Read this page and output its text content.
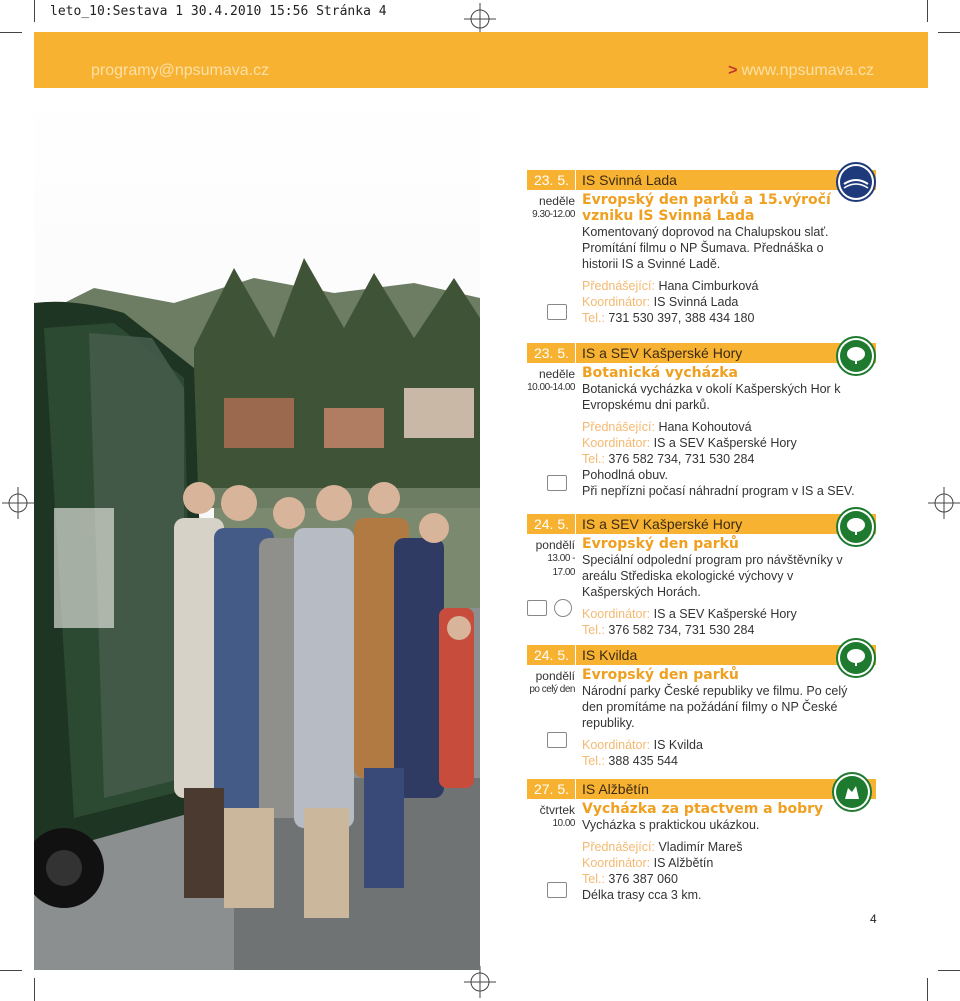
leto_10:Sestava 1 30.4.2010 15:56 Stránka 4
programy@npsumava.cz	> www.npsumava.cz
23. 5. IS Svinná Lada
neděle
9.30-12.00
Evropský den parků a 15.výročí vzniku IS Svinná Lada

Komentovaný doprovod na Chalupskou slať. Promítání filmu o NP Šumava. Přednáška o historii IS a Svinné Ladě.

Přednášející: Hana Cimburková

Koordinátor: IS Svinná Lada

Tel.: 731 530 397, 388 434 180

23. 5. IS a SEV Kašperské Hory
neděle
10.00-14.00
Botanická vycházka

Botanická vycházka v okolí Kašperských Hor k Evropskému dni parků.

Přednášející: Hana Kohoutová

Koordinátor: IS a SEV Kašperské Hory

Tel.: 376 582 734, 731 530 284

Pohodlná obuv.

Při nepřízni počasí náhradní program v IS a SEV.

24. 5. IS a SEV Kašperské Hory
pondělí
13.00 - 17.00
Evropský den parků

Speciální odpolední program pro návštěvníky v areálu Střediska ekologické výchovy v Kašperských Horách.

Koordinátor: IS a SEV Kašperské Hory

Tel.: 376 582 734, 731 530 284

24. 5. IS Kvilda
pondělí
po celý den
Evropský den parků

Národní parky České republiky ve filmu. Po celý den promítáme na požádání filmy o NP České republiky.

Koordinátor: IS Kvilda

Tel.: 388 435 544

27. 5. IS Alžbětín
čtvrtek
10.00
Vycházka za ptactvem a bobry

Vycházka s praktickou ukázkou.

Přednášející: Vladimír Mareš

Koordinátor: IS Alžbětín

Tel.: 376 387 060

Délka trasy cca 3 km.

4
